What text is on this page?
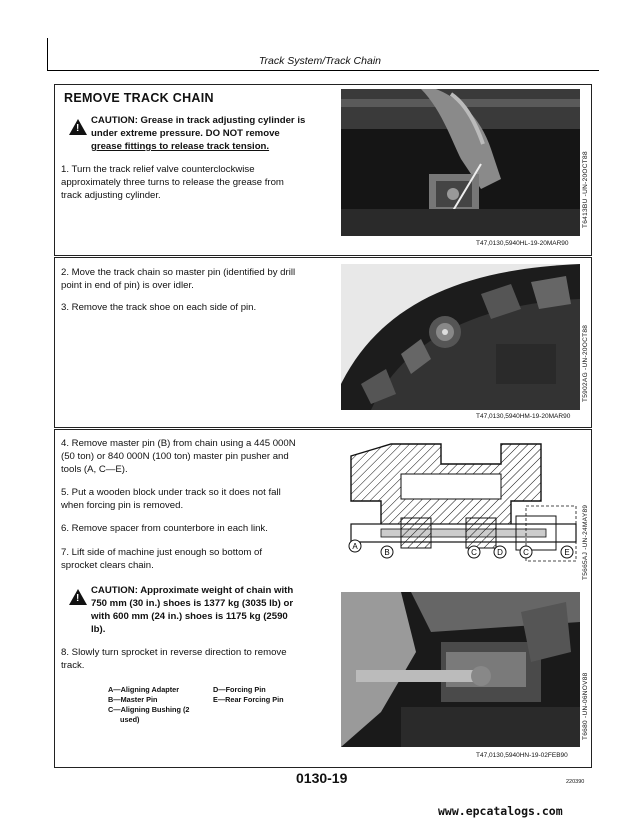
Track System/Track Chain
REMOVE TRACK CHAIN
!
CAUTION: Grease in track adjusting cylinder is
under extreme pressure. DO NOT remove
grease fittings to release track tension.
1. Turn the track relief valve counterclockwise
approximately three turns to release the grease from
track adjusting cylinder.	T6413BU -UN-20OCT88
T47,0130,5940HL-19-20MAR90
2. Move the track chain so master pin (identified by drill
point in end of pin) is over idler.
3. Remove the track shoe on each side of pin.
T5902AG -UN-20OCT88
T47,0130,5940HM-19-20MAR90
4. Remove master pin (B) from chain using a 445 000N
(50 ton) or 840 000N (100 ton) master pin pusher and
tools (A, C—E).
5. Put a wooden block under track so it does not fall
when forcing pin is removed.
6. Remove spacer from counterbore in each link.
7. Lift side of machine just enough so bottom of
sprocket clears chain.
!
CAUTION: Approximate weight of chain with
750 mm (30 in.) shoes is 1377 kg (3035 lb) or
with 600 mm (24 in.) shoes is 1175 kg (2590
lb).
8. Slowly turn sprocket in reverse direction to remove
track.
A—Aligning Adapter
B—Master Pin
C—Aligning Bushing (2
used)
D—Forcing Pin
E—Rear Forcing Pin
A
B	C	D	C	E T5665AJ -UN-24MAY89
T6680 -UN-06NOV88
T47,0130,5940HN-19-02FEB90
0130-19	220390
www.epcatalogs.com
